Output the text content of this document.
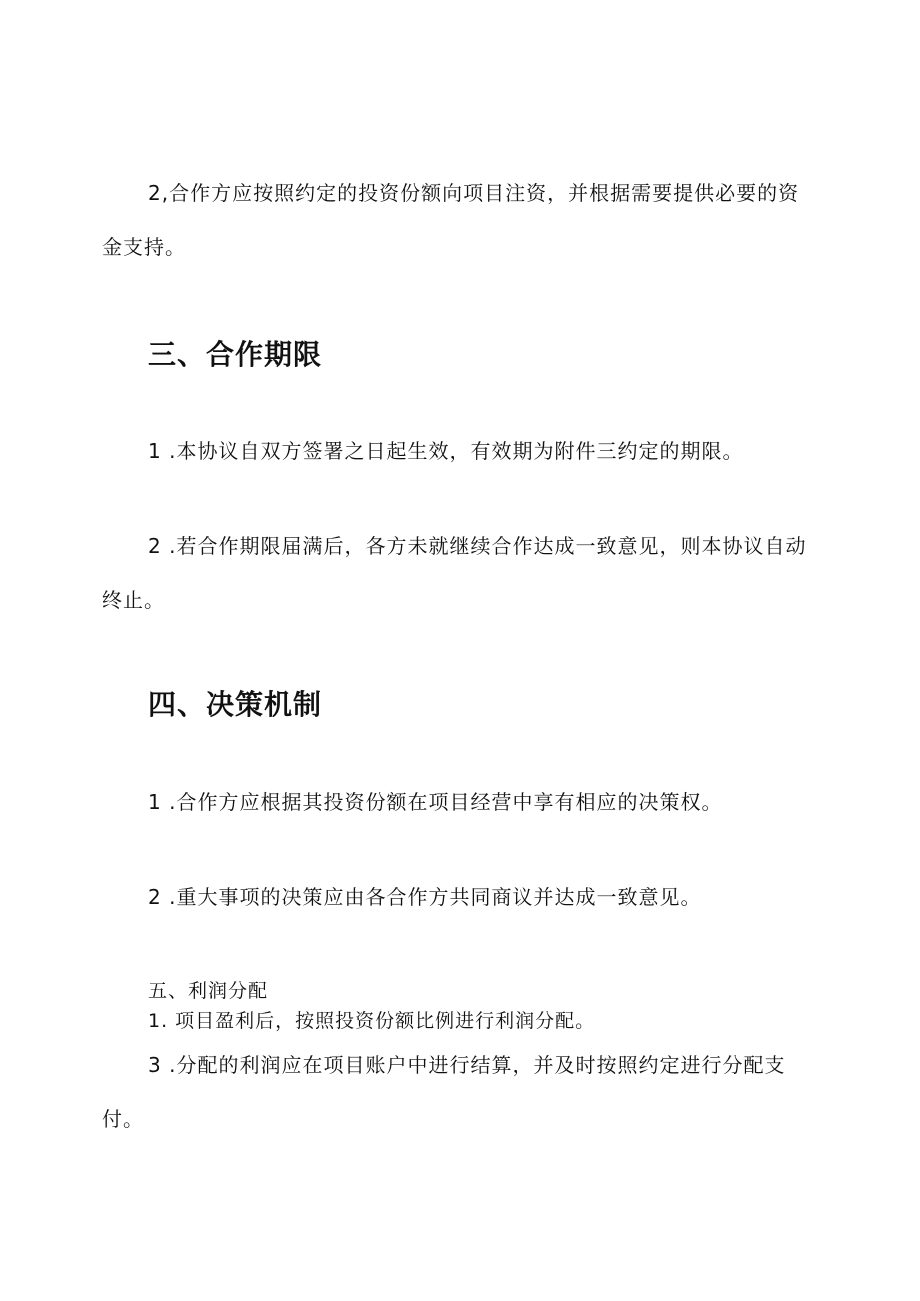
2,合作方应按照约定的投资份额向项目注资，并根据需要提供必要的资金支持。
三、合作期限
1 .本协议自双方签署之日起生效，有效期为附件三约定的期限。
2 .若合作期限届满后，各方未就继续合作达成一致意见，则本协议自动终止。
四、决策机制
1 .合作方应根据其投资份额在项目经营中享有相应的决策权。
2 .重大事项的决策应由各合作方共同商议并达成一致意见。
五、利润分配
1. 项目盈利后，按照投资份额比例进行利润分配。
3 .分配的利润应在项目账户中进行结算，并及时按照约定进行分配支付。
